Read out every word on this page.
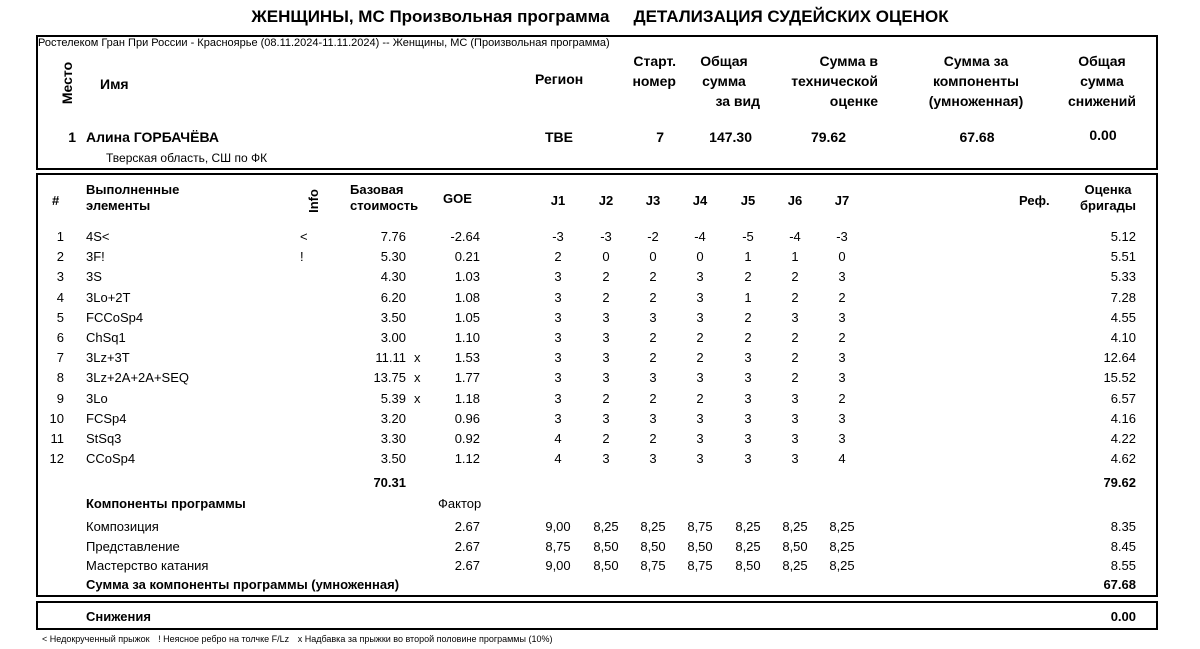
ЖЕНЩИНЫ, МС Произвольная программа ДЕТАЛИЗАЦИЯ СУДЕЙСКИХ ОЦЕНОК
Ростелеком Гран При России - Красноярье (08.11.2024-11.11.2024) -- Женщины, МС (Произвольная программа)
Место Имя	Регион
Старт.
номер
Общая
сумма
за вид
Сумма в
технической
оценке
Сумма за
компоненты
(умноженная)
Общая
сумма
снижений
1 Алина ГОРБАЧЁВА
Тверская область, СШ по ФК
ТВЕ	7	147.30	79.62	67.68	0.00
#
Выполненные
элементы	Info Базовая
стоимость GOE	J1	J2	J3	J4	J5	J6	J7	Реф.
Оценка
бригады
1 4S<	<	7.76	-2.64	-3	-3	-2	-4	-5	-4	-3	5.12
2 3F!	!	5.30	0.21	2	0	0	0	1	1	0	5.51
3 3S	4.30	1.03	3	2	2	3	2	2	3	5.33
4 3Lo+2T	6.20	1.08	3	2	2	3	1	2	2	7.28
5 FCCoSp4	3.50	1.05	3	3	3	3	2	3	3	4.55
6 ChSq1	3.00	1.10	3	3	2	2	2	2	2	4.10
7 3Lz+3T	11.11 x	1.53	3	3	2	2	3	2	3	12.64
8 3Lz+2A+2A+SEQ	13.75 x	1.77	3	3	3	3	3	2	3	15.52
9 3Lo	5.39 x	1.18	3	2	2	2	3	3	2	6.57
10 FCSp4	3.20	0.96	3	3	3	3	3	3	3	4.16
11 StSq3	3.30	0.92	4	2	2	3	3	3	3	4.22
12 CCoSp4	3.50	1.12	4	3	3	3	3	3	4	4.62
70.31	79.62
Компоненты программы	Фактор
Композиция	2.67	9,00	8,25	8,25	8,75	8,25	8,25	8,25	8.35
Представление	2.67	8,75	8,50	8,50	8,50	8,25	8,50	8,25	8.45
Мастерство катания	2.67	9,00	8,50	8,75	8,75	8,50	8,25	8,25	8.55
Сумма за компоненты программы (умноженная)	67.68
Снижения	0.00
< Недокрученный прыжок ! Неясное ребро на толчке F/Lz x Надбавка за прыжки во второй половине программы (10%)
